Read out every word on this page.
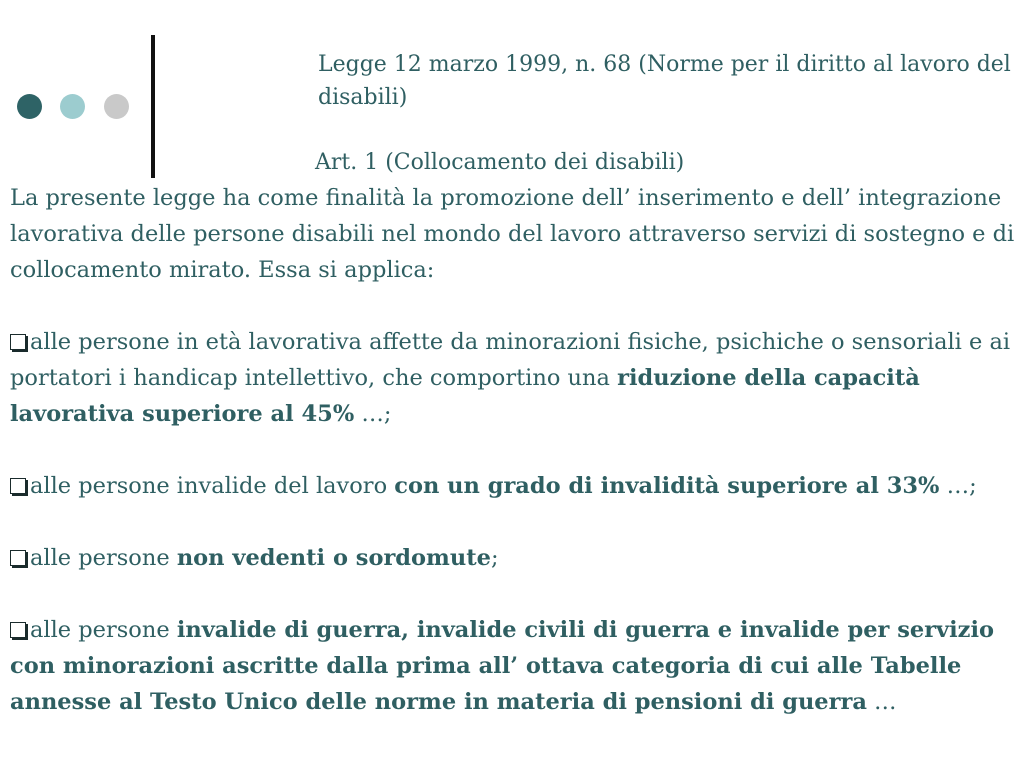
Legge 12 marzo 1999, n. 68 (Norme per il diritto al lavoro del disabili)
Art. 1 (Collocamento dei disabili)

La presente legge ha come finalità la promozione dell’ inserimento e dell’ integrazione lavorativa delle persone disabili nel mondo del lavoro attraverso servizi di sostegno e di collocamento mirato. Essa si applica:

alle persone in età lavorativa affette da minorazioni fisiche, psichiche o sensoriali e ai portatori i handicap intellettivo, che comportino una riduzione della capacità lavorativa superiore al 45% …;

alle persone invalide del lavoro con un grado di invalidità superiore al 33% …;

alle persone non vedenti o sordomute;

alle persone invalide di guerra, invalide civili di guerra e invalide per servizio con minorazioni ascritte dalla prima all’ ottava categoria di cui alle Tabelle annesse al Testo Unico delle norme in materia di pensioni di guerra …
